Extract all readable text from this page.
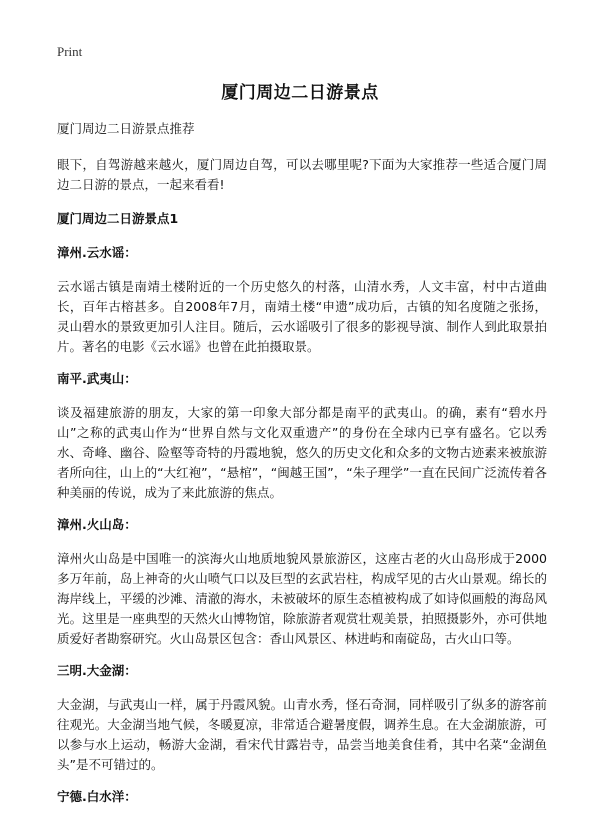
Print
厦门周边二日游景点

厦门周边二日游景点推荐

眼下，自驾游越来越火，厦门周边自驾，可以去哪里呢?下面为大家推荐一些适合厦门周边二日游的景点，一起来看看!

厦门周边二日游景点1
漳州.云水谣：

云水谣古镇是南靖土楼附近的一个历史悠久的村落，山清水秀，人文丰富，村中古道曲长，百年古榕甚多。自2008年7月，南靖土楼“申遗”成功后，古镇的知名度随之张扬，灵山碧水的景致更加引人注目。随后，云水谣吸引了很多的影视导演、制作人到此取景拍片。著名的电影《云水谣》也曾在此拍摄取景。

南平.武夷山：

谈及福建旅游的朋友，大家的第一印象大部分都是南平的武夷山。的确，素有“碧水丹山”之称的武夷山作为“世界自然与文化双重遗产”的身份在全球内已享有盛名。它以秀水、奇峰、幽谷、险壑等奇特的丹霞地貌，悠久的历史文化和众多的文物古迹素来被旅游者所向往，山上的“大红袍”，“悬棺”，“闽越王国”，“朱子理学”一直在民间广泛流传着各种美丽的传说，成为了来此旅游的焦点。

漳州.火山岛：

漳州火山岛是中国唯一的滨海火山地质地貌风景旅游区，这座古老的火山岛形成于2000多万年前，岛上神奇的火山喷气口以及巨型的玄武岩柱，构成罕见的古火山景观。绵长的海岸线上，平缓的沙滩、清澈的海水，未被破坏的原生态植被构成了如诗似画般的海岛风光。这里是一座典型的天然火山博物馆，除旅游者观赏壮观美景，拍照摄影外，亦可供地质爱好者勘察研究。火山岛景区包含：香山风景区、林进屿和南碇岛，古火山口等。

三明.大金湖：

大金湖，与武夷山一样，属于丹霞风貌。山青水秀，怪石奇洞，同样吸引了纵多的游客前往观光。大金湖当地气候，冬暖夏凉，非常适合避暑度假，调养生息。在大金湖旅游，可以参与水上运动，畅游大金湖，看宋代甘露岩寺，品尝当地美食佳肴，其中名菜“金湖鱼头”是不可错过的。

宁德.白水洋：
